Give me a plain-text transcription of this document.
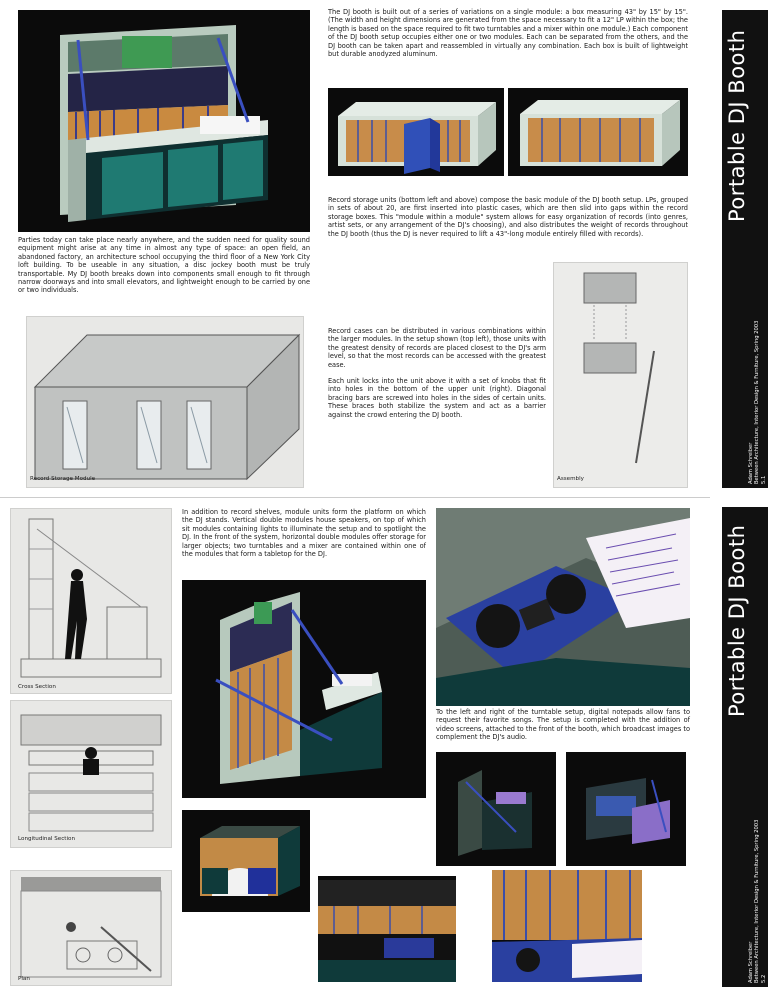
Parties today can take place nearly anywhere, and the sudden need for quality sound equipment might arise at any time in almost any type of space: an open field, an abandoned factory, an architecture school occupying the third floor of a New York City loft building. To be useable in any situation, a disc jockey booth must be truly transportable. My DJ booth breaks down into components small enough to fit through narrow doorways and into small elevators, and lightweight enough to be carried by one or two individuals.
The DJ booth is built out of a series of variations on a single module: a box measuring 43" by 15" by 15". (The width and height dimensions are generated from the space necessary to fit a 12" LP within the box; the length is based on the space required to fit two turntables and a mixer within one module.) Each component of the DJ booth setup occupies either one or two modules. Each can be separated from the others, and the DJ booth can be taken apart and reassembled in virtually any combination. Each box is built of lightweight but durable anodyzed aluminum.
Record storage units (bottom left and above) compose the basic module of the DJ booth setup. LPs, grouped in sets of about 20, are first inserted into plastic cases, which are then slid into gaps within the record storage boxes. This "module within a module" system allows for easy organization of records (into genres, artist sets, or any arrangement of the DJ's choosing), and also distributes the weight of records throughout the DJ booth (thus the DJ is never required to lift a 43"-long module entirely filled with records).
Record Storage Module

Record cases can be distributed in various combinations within the larger modules. In the setup shown (top left), those units with the greatest density of records are placed closest to the DJ's arm level, so that the most records can be accessed with the greatest ease.

Each unit locks into the unit above it with a set of knobs that fit into holes in the bottom of the upper unit (right). Diagonal bracing bars are screwed into holes in the sides of certain units. These braces both stabilize the system and act as a barrier against the crowd entering the DJ booth.

Assembly
Portable DJ Booth
Adam Schreiber Between Architecture, Interior Design & Furniture, Spring 2003 5.1
Cross Section
Longitudinal Section
Plan
In addition to record shelves, module units form the platform on which the DJ stands. Vertical double modules house speakers, on top of which sit modules containing lights to illuminate the setup and to spotlight the DJ. In the front of the system, horizontal double modules offer storage for larger objects; two turntables and a mixer are contained within one of the modules that form a tabletop for the DJ.
To the left and right of the turntable setup, digital notepads allow fans to request their favorite songs. The setup is completed with the addition of video screens, attached to the front of the booth, which broadcast images to complement the DJ's audio.
Portable DJ Booth
Adam Schreiber Between Architecture, Interior Design & Furniture, Spring 2003 5.2
